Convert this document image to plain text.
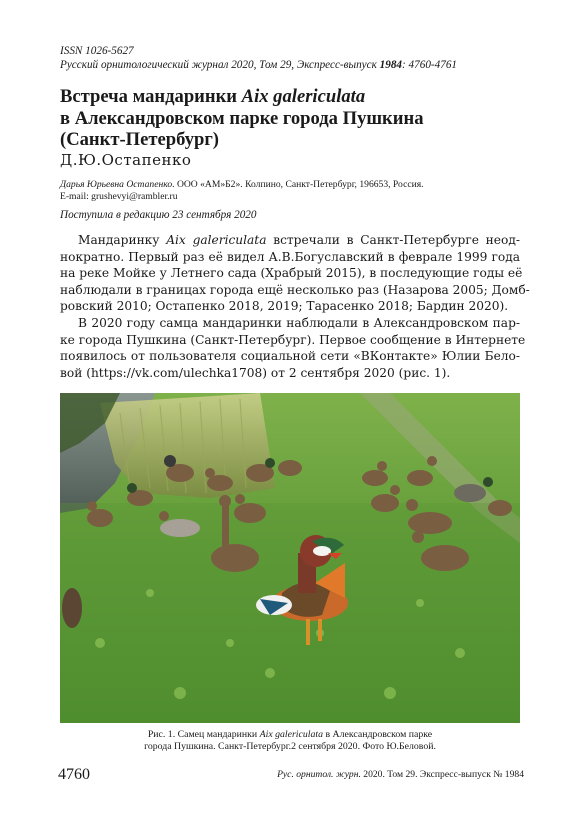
ISSN 1026-5627
Русский орнитологический журнал 2020, Том 29, Экспресс-выпуск 1984: 4760-4761
Встреча мандаринки Aix galericulata
в Александровском парке города Пушкина
(Санкт-Петербург)
Д.Ю.Остапенко
Дарья Юрьевна Остапенко. ООО «АМ»Б2». Колпино, Санкт-Петербург, 196653, Россия.
E-mail: grushevyi@rambler.ru
Поступила в редакцию 23 сентября 2020
Мандаринку Aix galericulata встречали в Санкт-Петербурге неод-
нократно. Первый раз её видел А.В.Богуславский в феврале 1999 года
на реке Мойке у Летнего сада (Храбрый 2015), в последующие годы её
наблюдали в границах города ещё несколько раз (Назарова 2005; Домб-
ровский 2010; Остапенко 2018, 2019; Тарасенко 2018; Бардин 2020).
В 2020 году самца мандаринки наблюдали в Александровском пар-
ке города Пушкина (Санкт-Петербург). Первое сообщение в Интернете
появилось от пользователя социальной сети «ВКонтакте» Юлии Бело-
вой (https://vk.com/ulechka1708) от 2 сентября 2020 (рис. 1).
Рис. 1. Самец мандаринки Aix galericulata в Александровском парке
города Пушкина. Санкт-Петербург.2 сентября 2020. Фото Ю.Беловой.
4760	Рус. орнитол. журн. 2020. Том 29. Экспресс-выпуск № 1984
